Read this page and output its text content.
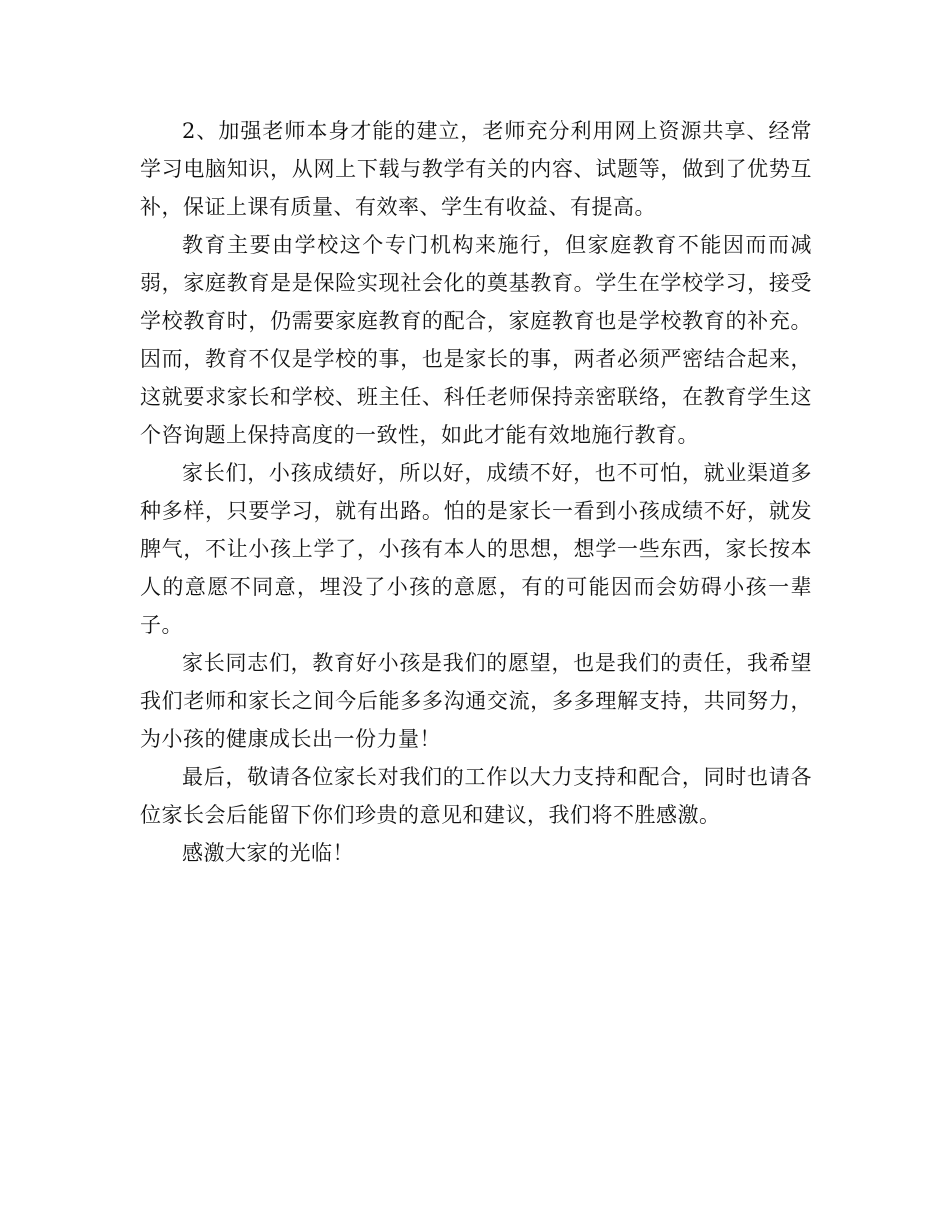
2、加强老师本身才能的建立，老师充分利用网上资源共享、经常学习电脑知识，从网上下载与教学有关的内容、试题等，做到了优势互补，保证上课有质量、有效率、学生有收益、有提高。

教育主要由学校这个专门机构来施行，但家庭教育不能因而而减弱，家庭教育是是保险实现社会化的奠基教育。学生在学校学习，接受学校教育时，仍需要家庭教育的配合，家庭教育也是学校教育的补充。因而，教育不仅是学校的事，也是家长的事，两者必须严密结合起来，这就要求家长和学校、班主任、科任老师保持亲密联络，在教育学生这个咨询题上保持高度的一致性，如此才能有效地施行教育。

家长们，小孩成绩好，所以好，成绩不好，也不可怕，就业渠道多种多样，只要学习，就有出路。怕的是家长一看到小孩成绩不好，就发脾气，不让小孩上学了，小孩有本人的思想，想学一些东西，家长按本人的意愿不同意，埋没了小孩的意愿，有的可能因而会妨碍小孩一辈子。

家长同志们，教育好小孩是我们的愿望，也是我们的责任，我希望我们老师和家长之间今后能多多沟通交流，多多理解支持，共同努力，为小孩的健康成长出一份力量！

最后，敬请各位家长对我们的工作以大力支持和配合，同时也请各位家长会后能留下你们珍贵的意见和建议，我们将不胜感激。

感激大家的光临！
